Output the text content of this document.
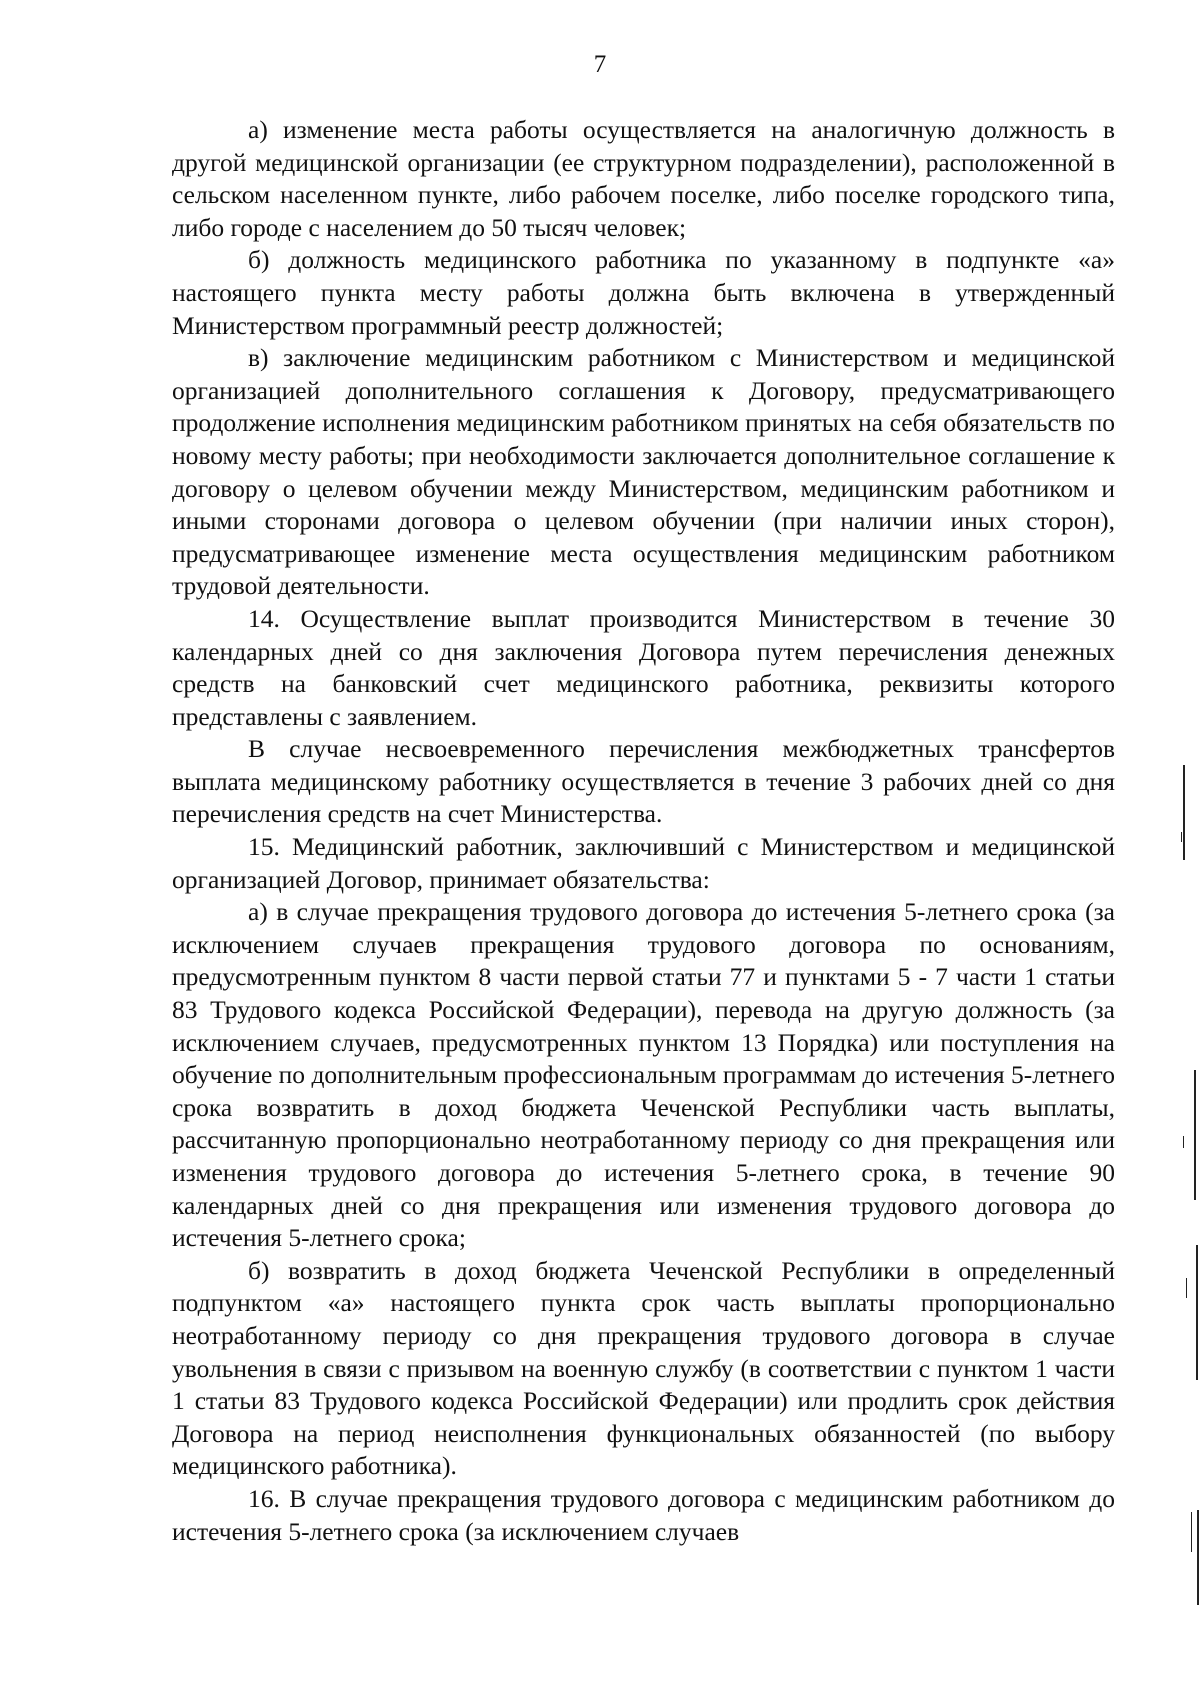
7

а) изменение места работы осуществляется на аналогичную должность в другой медицинской организации (ее структурном подразделении), расположенной в сельском населенном пункте, либо рабочем поселке, либо поселке городского типа, либо городе с населением до 50 тысяч человек;

б) должность медицинского работника по указанному в подпункте «а» настоящего пункта месту работы должна быть включена в утвержденный Министерством программный реестр должностей;

в) заключение медицинским работником с Министерством и медицинской организацией дополнительного соглашения к Договору, предусматривающего продолжение исполнения медицинским работником принятых на себя обязательств по новому месту работы; при необходимости заключается дополнительное соглашение к договору о целевом обучении между Министерством, медицинским работником и иными сторонами договора о целевом обучении (при наличии иных сторон), предусматривающее изменение места осуществления медицинским работником трудовой деятельности.

14. Осуществление выплат производится Министерством в течение 30 календарных дней со дня заключения Договора путем перечисления денежных средств на банковский счет медицинского работника, реквизиты которого представлены с заявлением.

В случае несвоевременного перечисления межбюджетных трансфертов выплата медицинскому работнику осуществляется в течение 3 рабочих дней со дня перечисления средств на счет Министерства.

15. Медицинский работник, заключивший с Министерством и медицинской организацией Договор, принимает обязательства:

а) в случае прекращения трудового договора до истечения 5-летнего срока (за исключением случаев прекращения трудового договора по основаниям, предусмотренным пунктом 8 части первой статьи 77 и пунктами 5 - 7 части 1 статьи 83 Трудового кодекса Российской Федерации), перевода на другую должность (за исключением случаев, предусмотренных пунктом 13 Порядка) или поступления на обучение по дополнительным профессиональным программам до истечения 5-летнего срока возвратить в доход бюджета Чеченской Республики часть выплаты, рассчитанную пропорционально неотработанному периоду со дня прекращения или изменения трудового договора до истечения 5-летнего срока, в течение 90 календарных дней со дня прекращения или изменения трудового договора до истечения 5-летнего срока;

б) возвратить в доход бюджета Чеченской Республики в определенный подпунктом «а» настоящего пункта срок часть выплаты пропорционально неотработанному периоду со дня прекращения трудового договора в случае увольнения в связи с призывом на военную службу (в соответствии с пунктом 1 части 1 статьи 83 Трудового кодекса Российской Федерации) или продлить срок действия Договора на период неисполнения функциональных обязанностей (по выбору медицинского работника).

16. В случае прекращения трудового договора с медицинским работником до истечения 5-летнего срока (за исключением случаев
